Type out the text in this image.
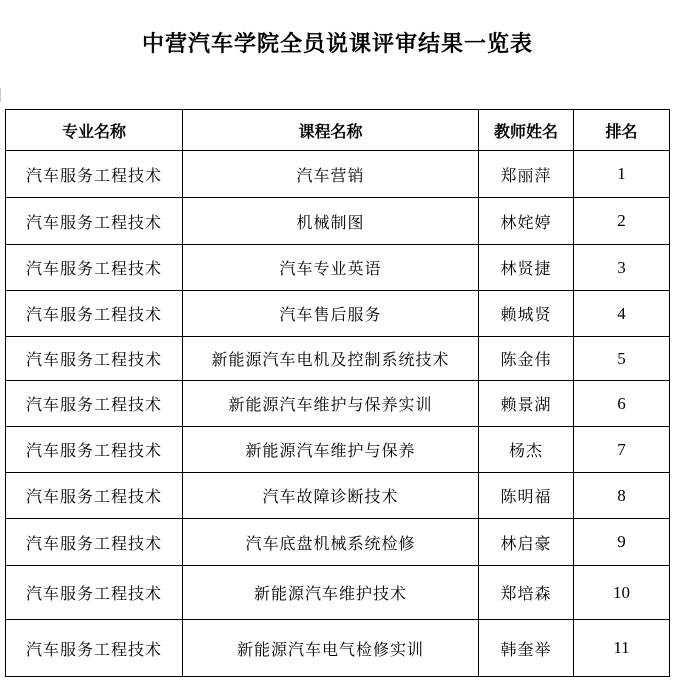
中营汽车学院全员说课评审结果一览表
专业名称	课程名称	教师姓名	排名
汽车服务工程技术	汽车营销	郑丽萍	1
汽车服务工程技术	机械制图	林姹婷	2
汽车服务工程技术	汽车专业英语	林贤捷	3
汽车服务工程技术	汽车售后服务	赖城贤	4
汽车服务工程技术	新能源汽车电机及控制系统技术	陈金伟	5
汽车服务工程技术	新能源汽车维护与保养实训	赖景湖	6
汽车服务工程技术	新能源汽车维护与保养	杨杰	7
汽车服务工程技术	汽车故障诊断技术	陈明福	8
汽车服务工程技术	汽车底盘机械系统检修	林启豪	9
汽车服务工程技术	新能源汽车维护技术	郑培森	10
汽车服务工程技术	新能源汽车电气检修实训	韩奎举	11
